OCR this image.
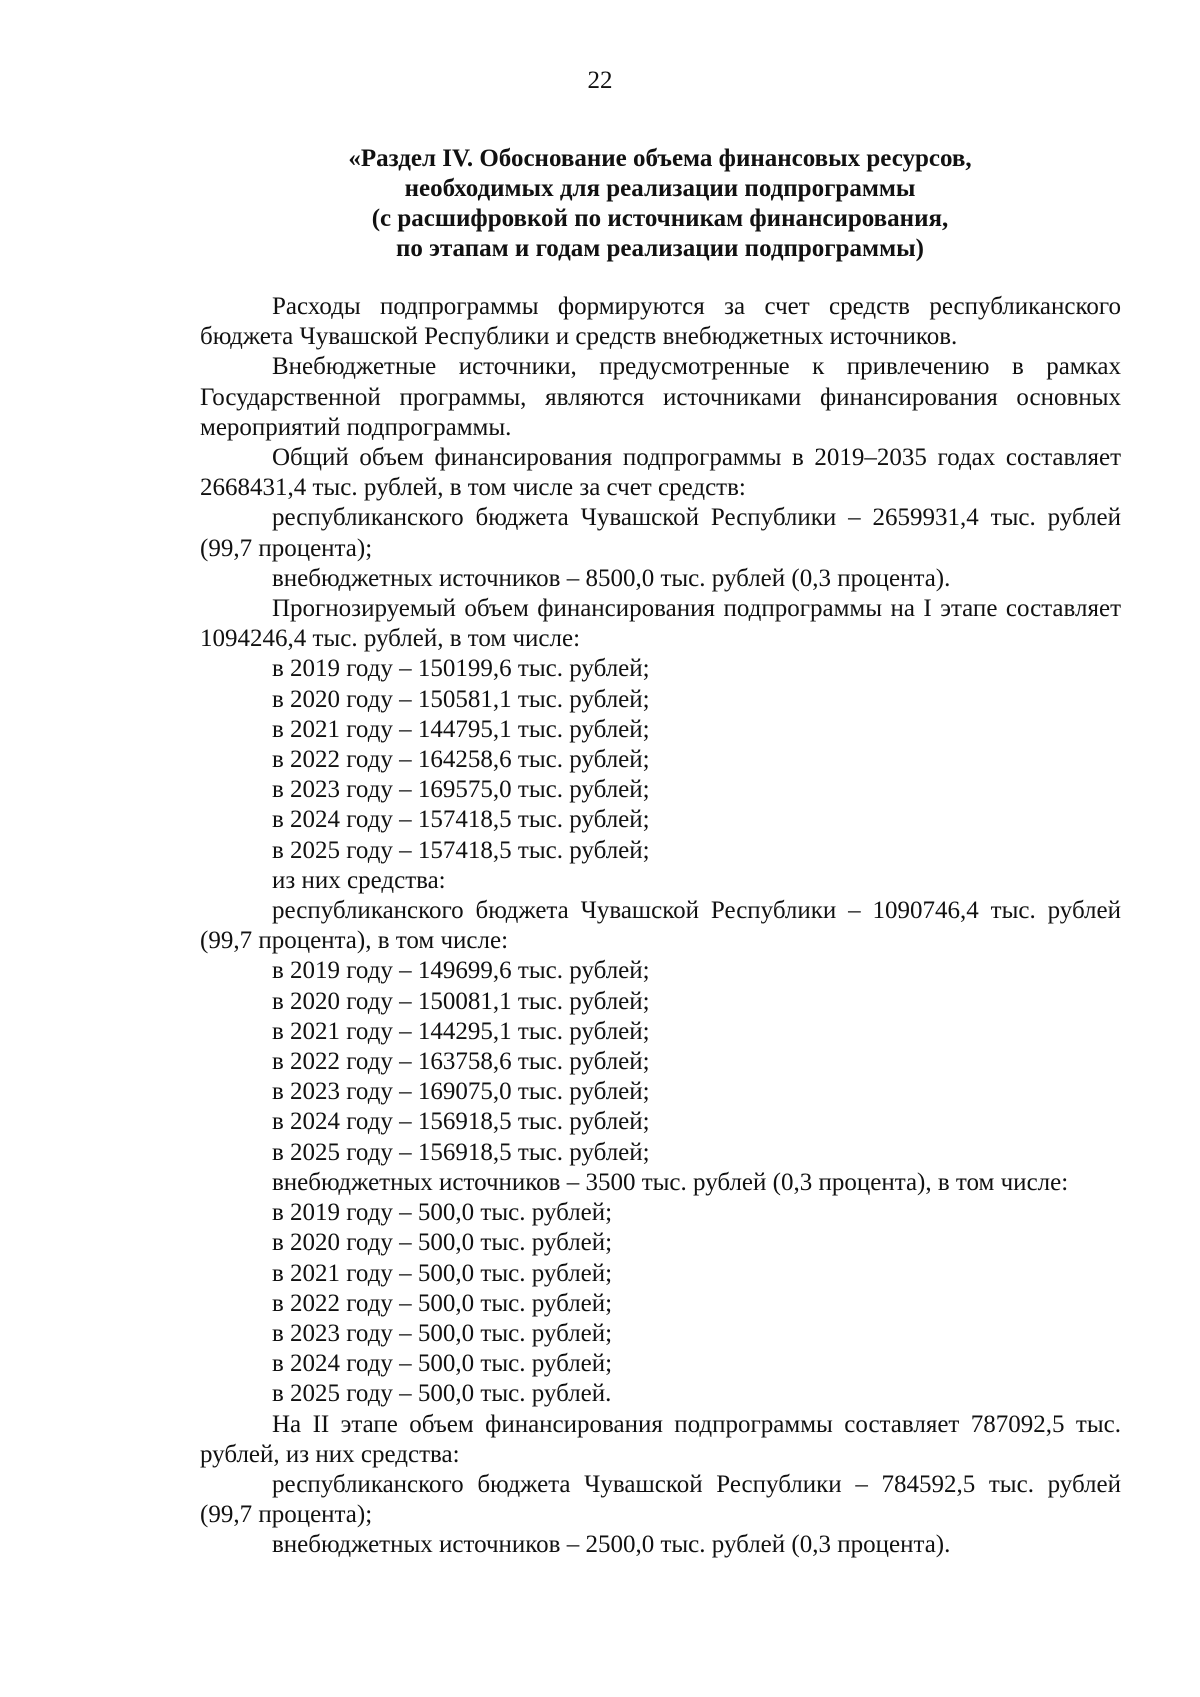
22
«Раздел IV. Обоснование объема финансовых ресурсов,
необходимых для реализации подпрограммы
(с расшифровкой по источникам финансирования,
по этапам и годам реализации подпрограммы)

Расходы подпрограммы формируются за счет средств республиканского бюджета Чувашской Республики и средств внебюджетных источников.

Внебюджетные источники, предусмотренные к привлечению в рамках Государственной программы, являются источниками финансирования основных мероприятий подпрограммы.

Общий объем финансирования подпрограммы в 2019–2035 годах составляет 2668431,4 тыс. рублей, в том числе за счет средств:

республиканского бюджета Чувашской Республики – 2659931,4 тыс. рублей (99,7 процента);

внебюджетных источников – 8500,0 тыс. рублей (0,3 процента).

Прогнозируемый объем финансирования подпрограммы на I этапе составляет 1094246,4 тыс. рублей, в том числе:

в 2019 году – 150199,6 тыс. рублей;

в 2020 году – 150581,1 тыс. рублей;

в 2021 году – 144795,1 тыс. рублей;

в 2022 году – 164258,6 тыс. рублей;

в 2023 году – 169575,0 тыс. рублей;

в 2024 году – 157418,5 тыс. рублей;

в 2025 году – 157418,5 тыс. рублей;

из них средства:

республиканского бюджета Чувашской Республики – 1090746,4 тыс. рублей (99,7 процента), в том числе:

в 2019 году – 149699,6 тыс. рублей;

в 2020 году – 150081,1 тыс. рублей;

в 2021 году – 144295,1 тыс. рублей;

в 2022 году – 163758,6 тыс. рублей;

в 2023 году – 169075,0 тыс. рублей;

в 2024 году – 156918,5 тыс. рублей;

в 2025 году – 156918,5 тыс. рублей;

внебюджетных источников – 3500 тыс. рублей (0,3 процента), в том числе:

в 2019 году – 500,0 тыс. рублей;

в 2020 году – 500,0 тыс. рублей;

в 2021 году – 500,0 тыс. рублей;

в 2022 году – 500,0 тыс. рублей;

в 2023 году – 500,0 тыс. рублей;

в 2024 году – 500,0 тыс. рублей;

в 2025 году – 500,0 тыс. рублей.

На II этапе объем финансирования подпрограммы составляет 787092,5 тыс. рублей, из них средства:

республиканского бюджета Чувашской Республики – 784592,5 тыс. рублей (99,7 процента);

внебюджетных источников – 2500,0 тыс. рублей (0,3 процента).
